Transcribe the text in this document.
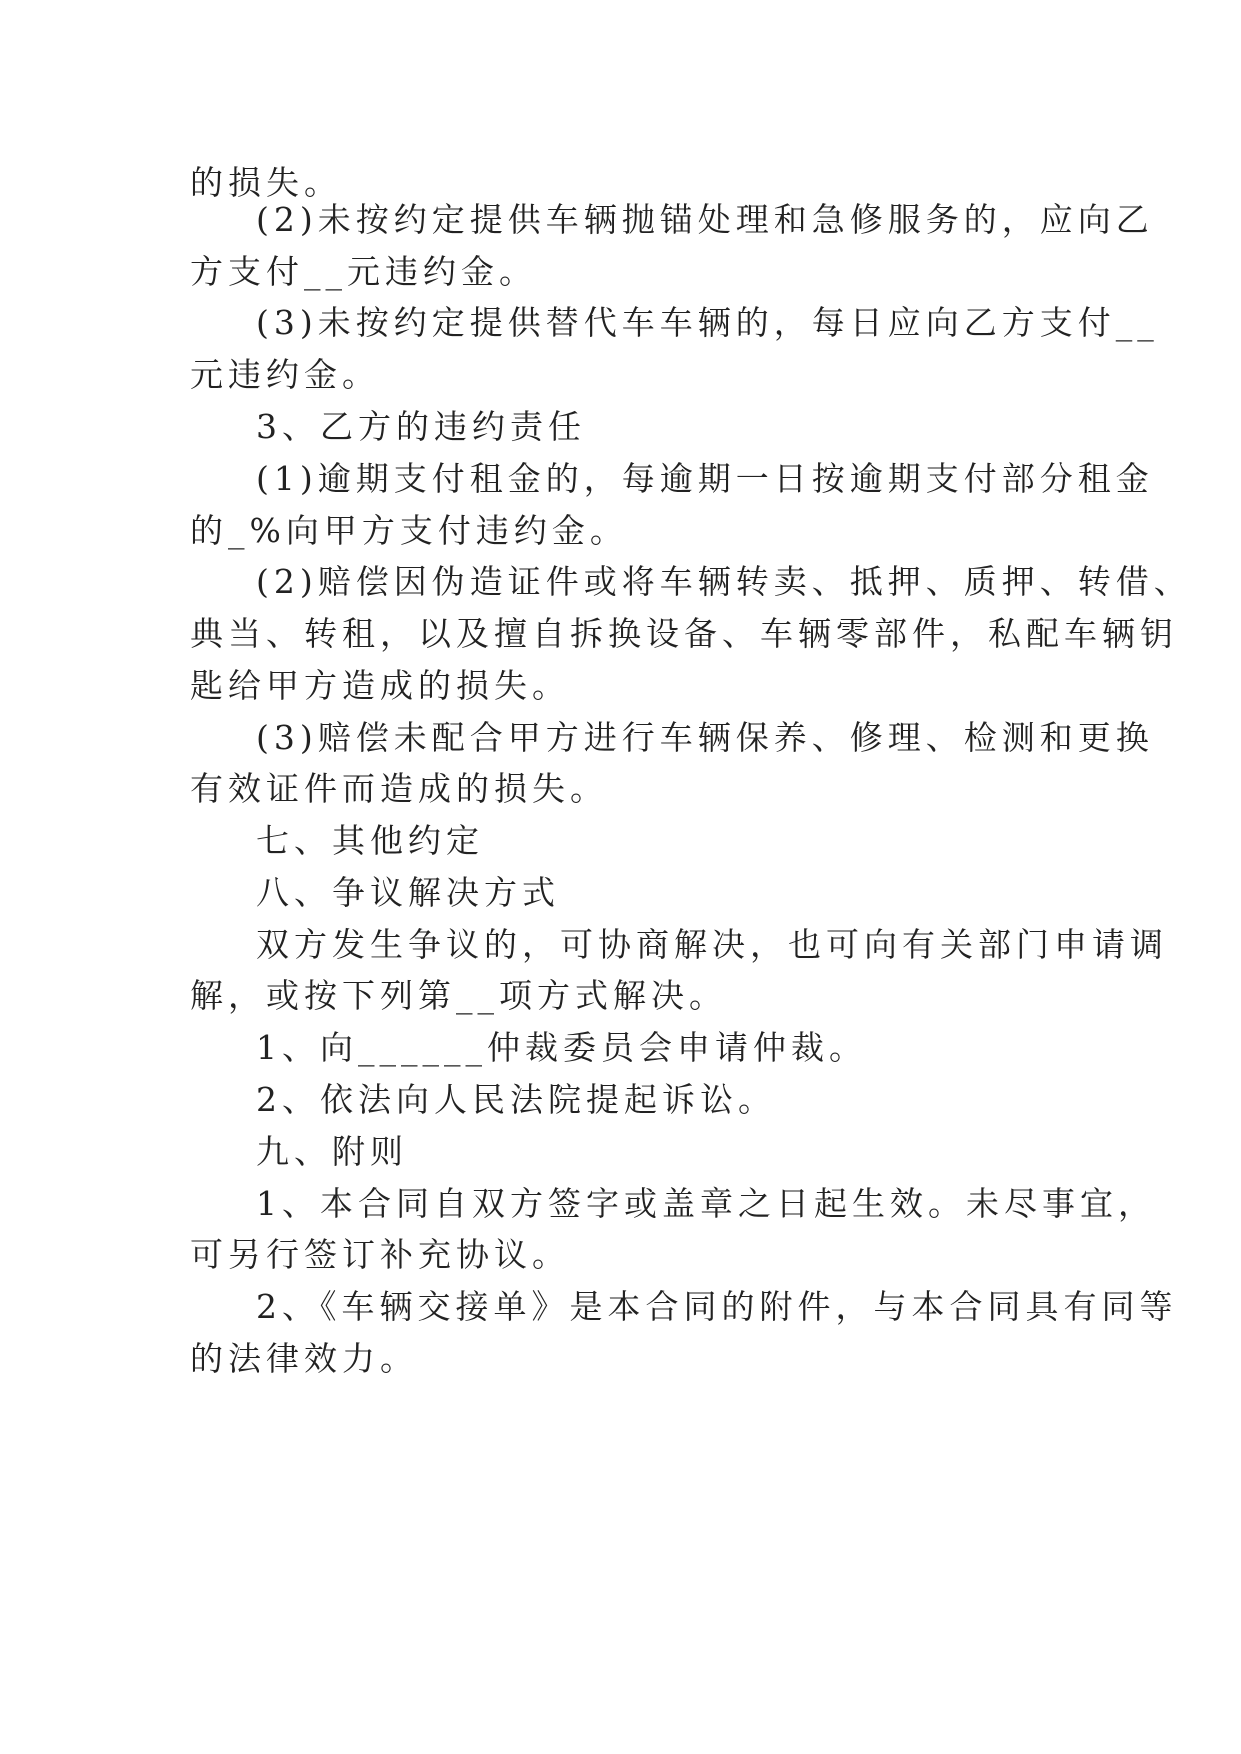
的损失。
(2)未按约定提供车辆抛锚处理和急修服务的，应向乙
方支付__元违约金。
(3)未按约定提供替代车车辆的，每日应向乙方支付__
元违约金。
3、乙方的违约责任
(1)逾期支付租金的，每逾期一日按逾期支付部分租金
的_%向甲方支付违约金。
(2)赔偿因伪造证件或将车辆转卖、抵押、质押、转借、
典当、转租，以及擅自拆换设备、车辆零部件，私配车辆钥
匙给甲方造成的损失。
(3)赔偿未配合甲方进行车辆保养、修理、检测和更换
有效证件而造成的损失。
七、其他约定
八、争议解决方式
双方发生争议的，可协商解决，也可向有关部门申请调
解，或按下列第__项方式解决。
1、向______仲裁委员会申请仲裁。
2、依法向人民法院提起诉讼。
九、附则
1、本合同自双方签字或盖章之日起生效。未尽事宜，
可另行签订补充协议。
2、《车辆交接单》是本合同的附件，与本合同具有同等
的法律效力。
